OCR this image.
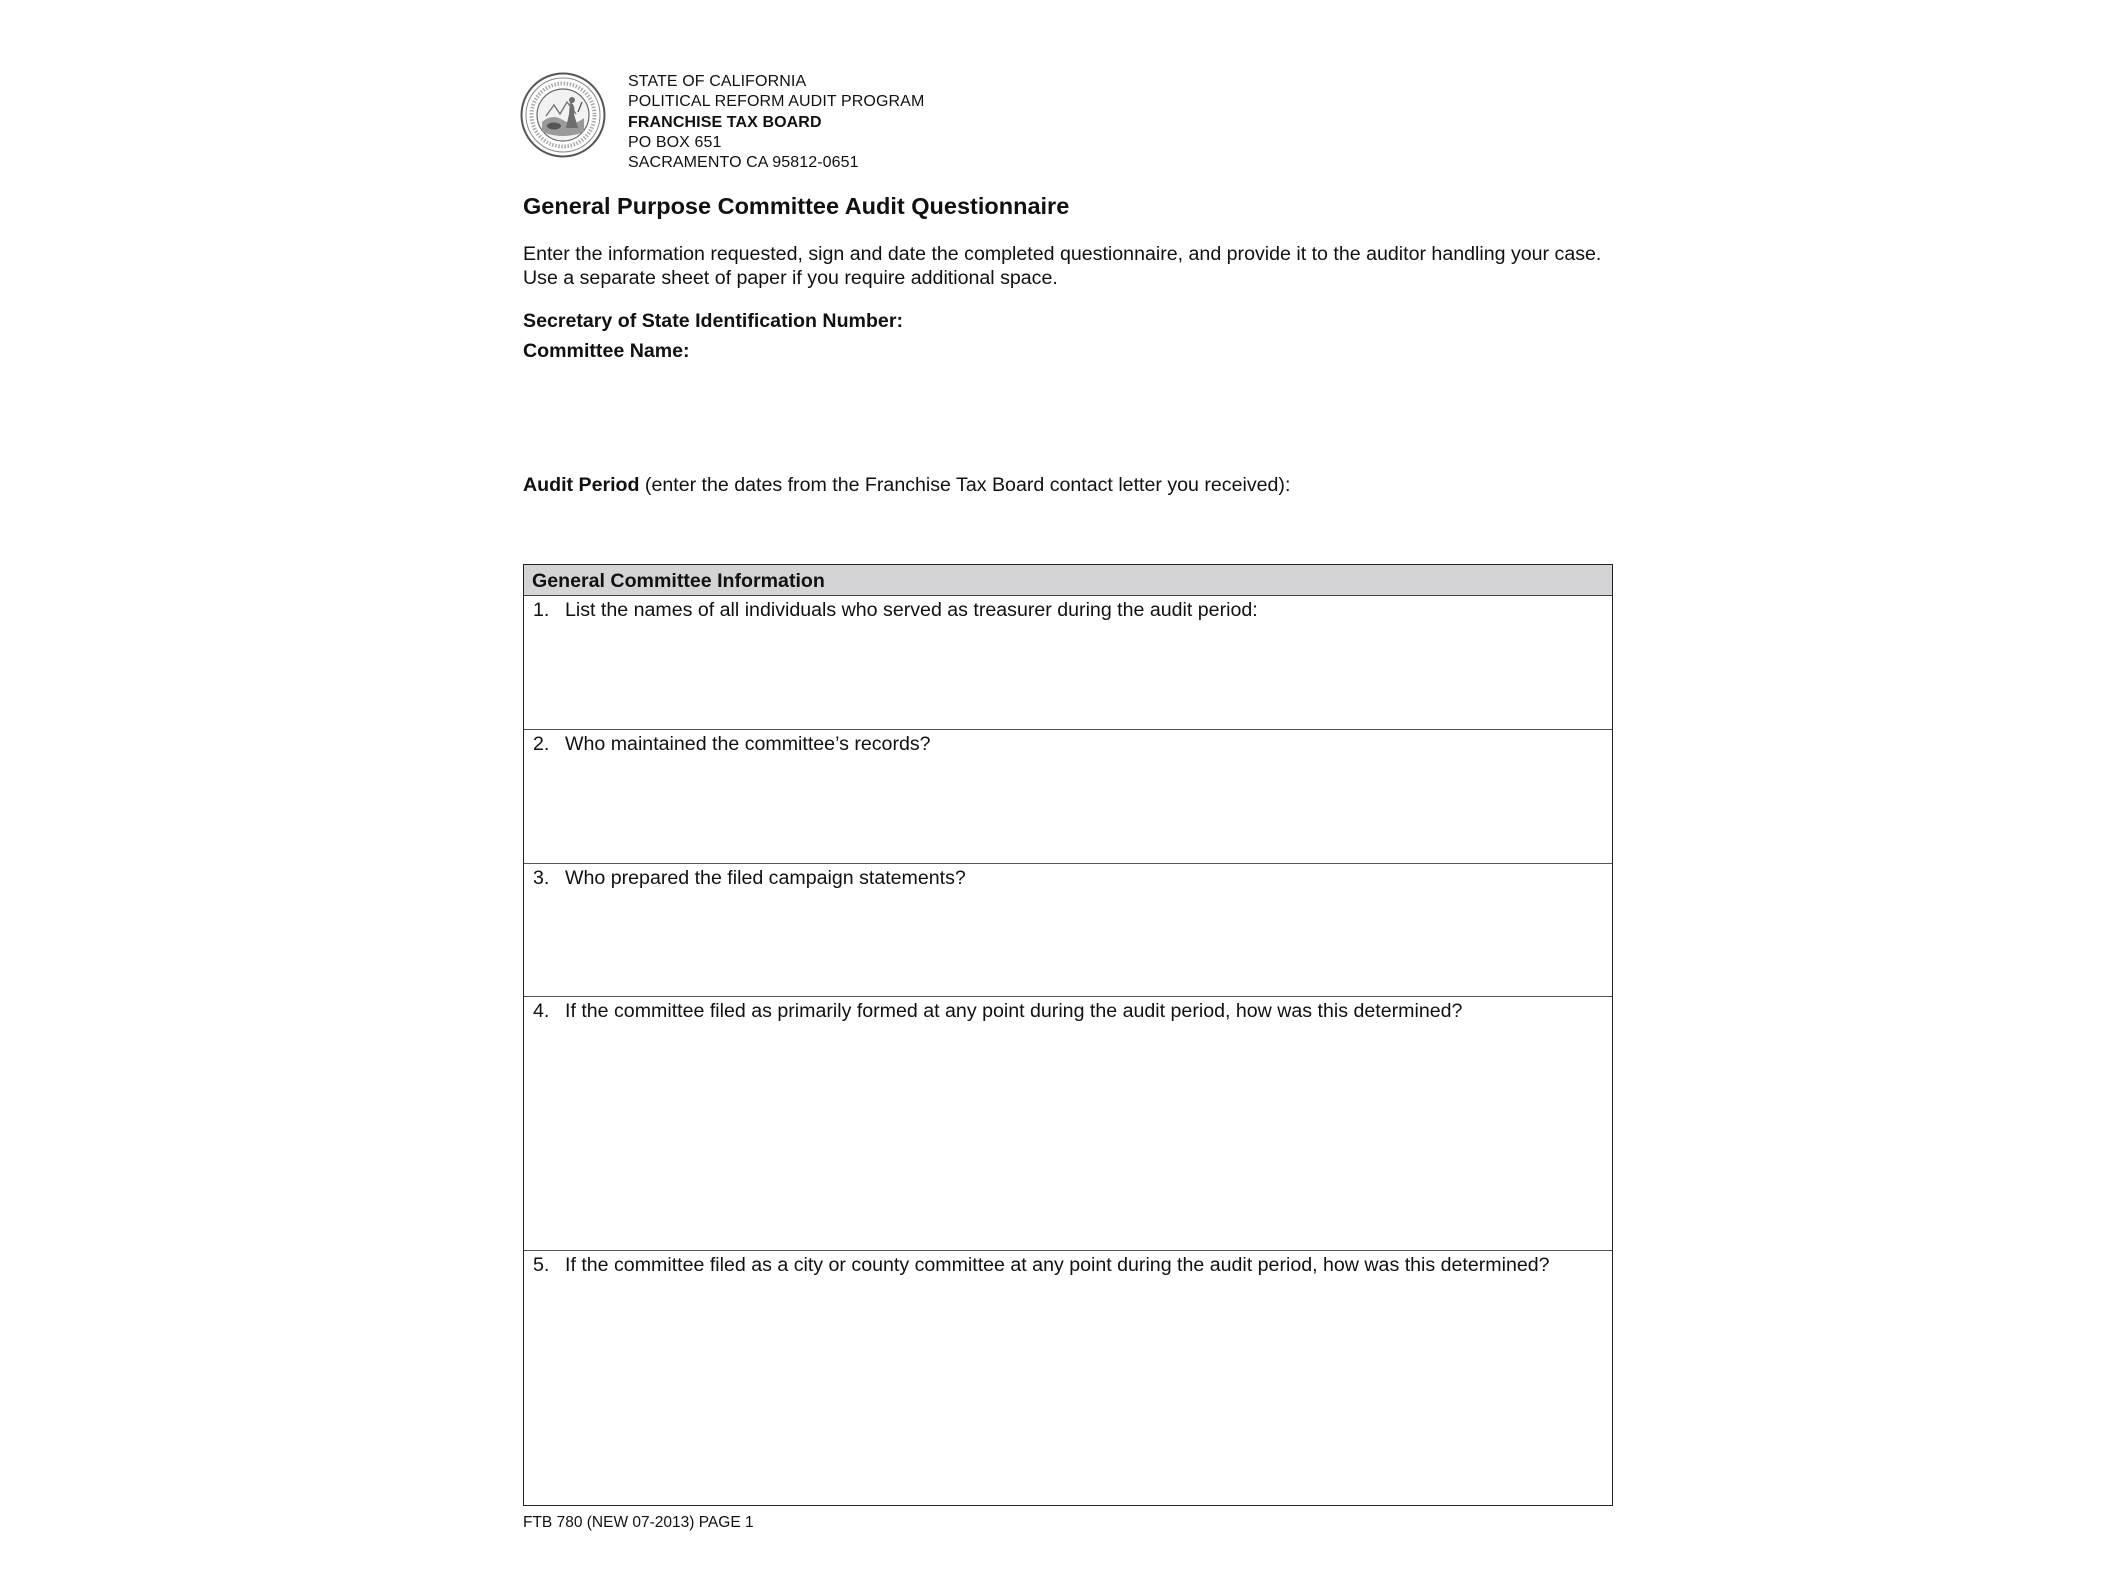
STATE OF CALIFORNIA
POLITICAL REFORM AUDIT PROGRAM
FRANCHISE TAX BOARD
PO BOX 651
SACRAMENTO CA 95812-0651
General Purpose Committee Audit Questionnaire
Enter the information requested, sign and date the completed questionnaire, and provide it to the auditor handling your case. Use a separate sheet of paper if you require additional space.
Secretary of State Identification Number:
Committee Name:
Audit Period (enter the dates from the Franchise Tax Board contact letter you received):
General Committee Information
1. List the names of all individuals who served as treasurer during the audit period:
2. Who maintained the committee’s records?
3. Who prepared the filed campaign statements?
4. If the committee filed as primarily formed at any point during the audit period, how was this determined?
5. If the committee filed as a city or county committee at any point during the audit period, how was this determined?
FTB 780 (NEW 07-2013) PAGE 1
